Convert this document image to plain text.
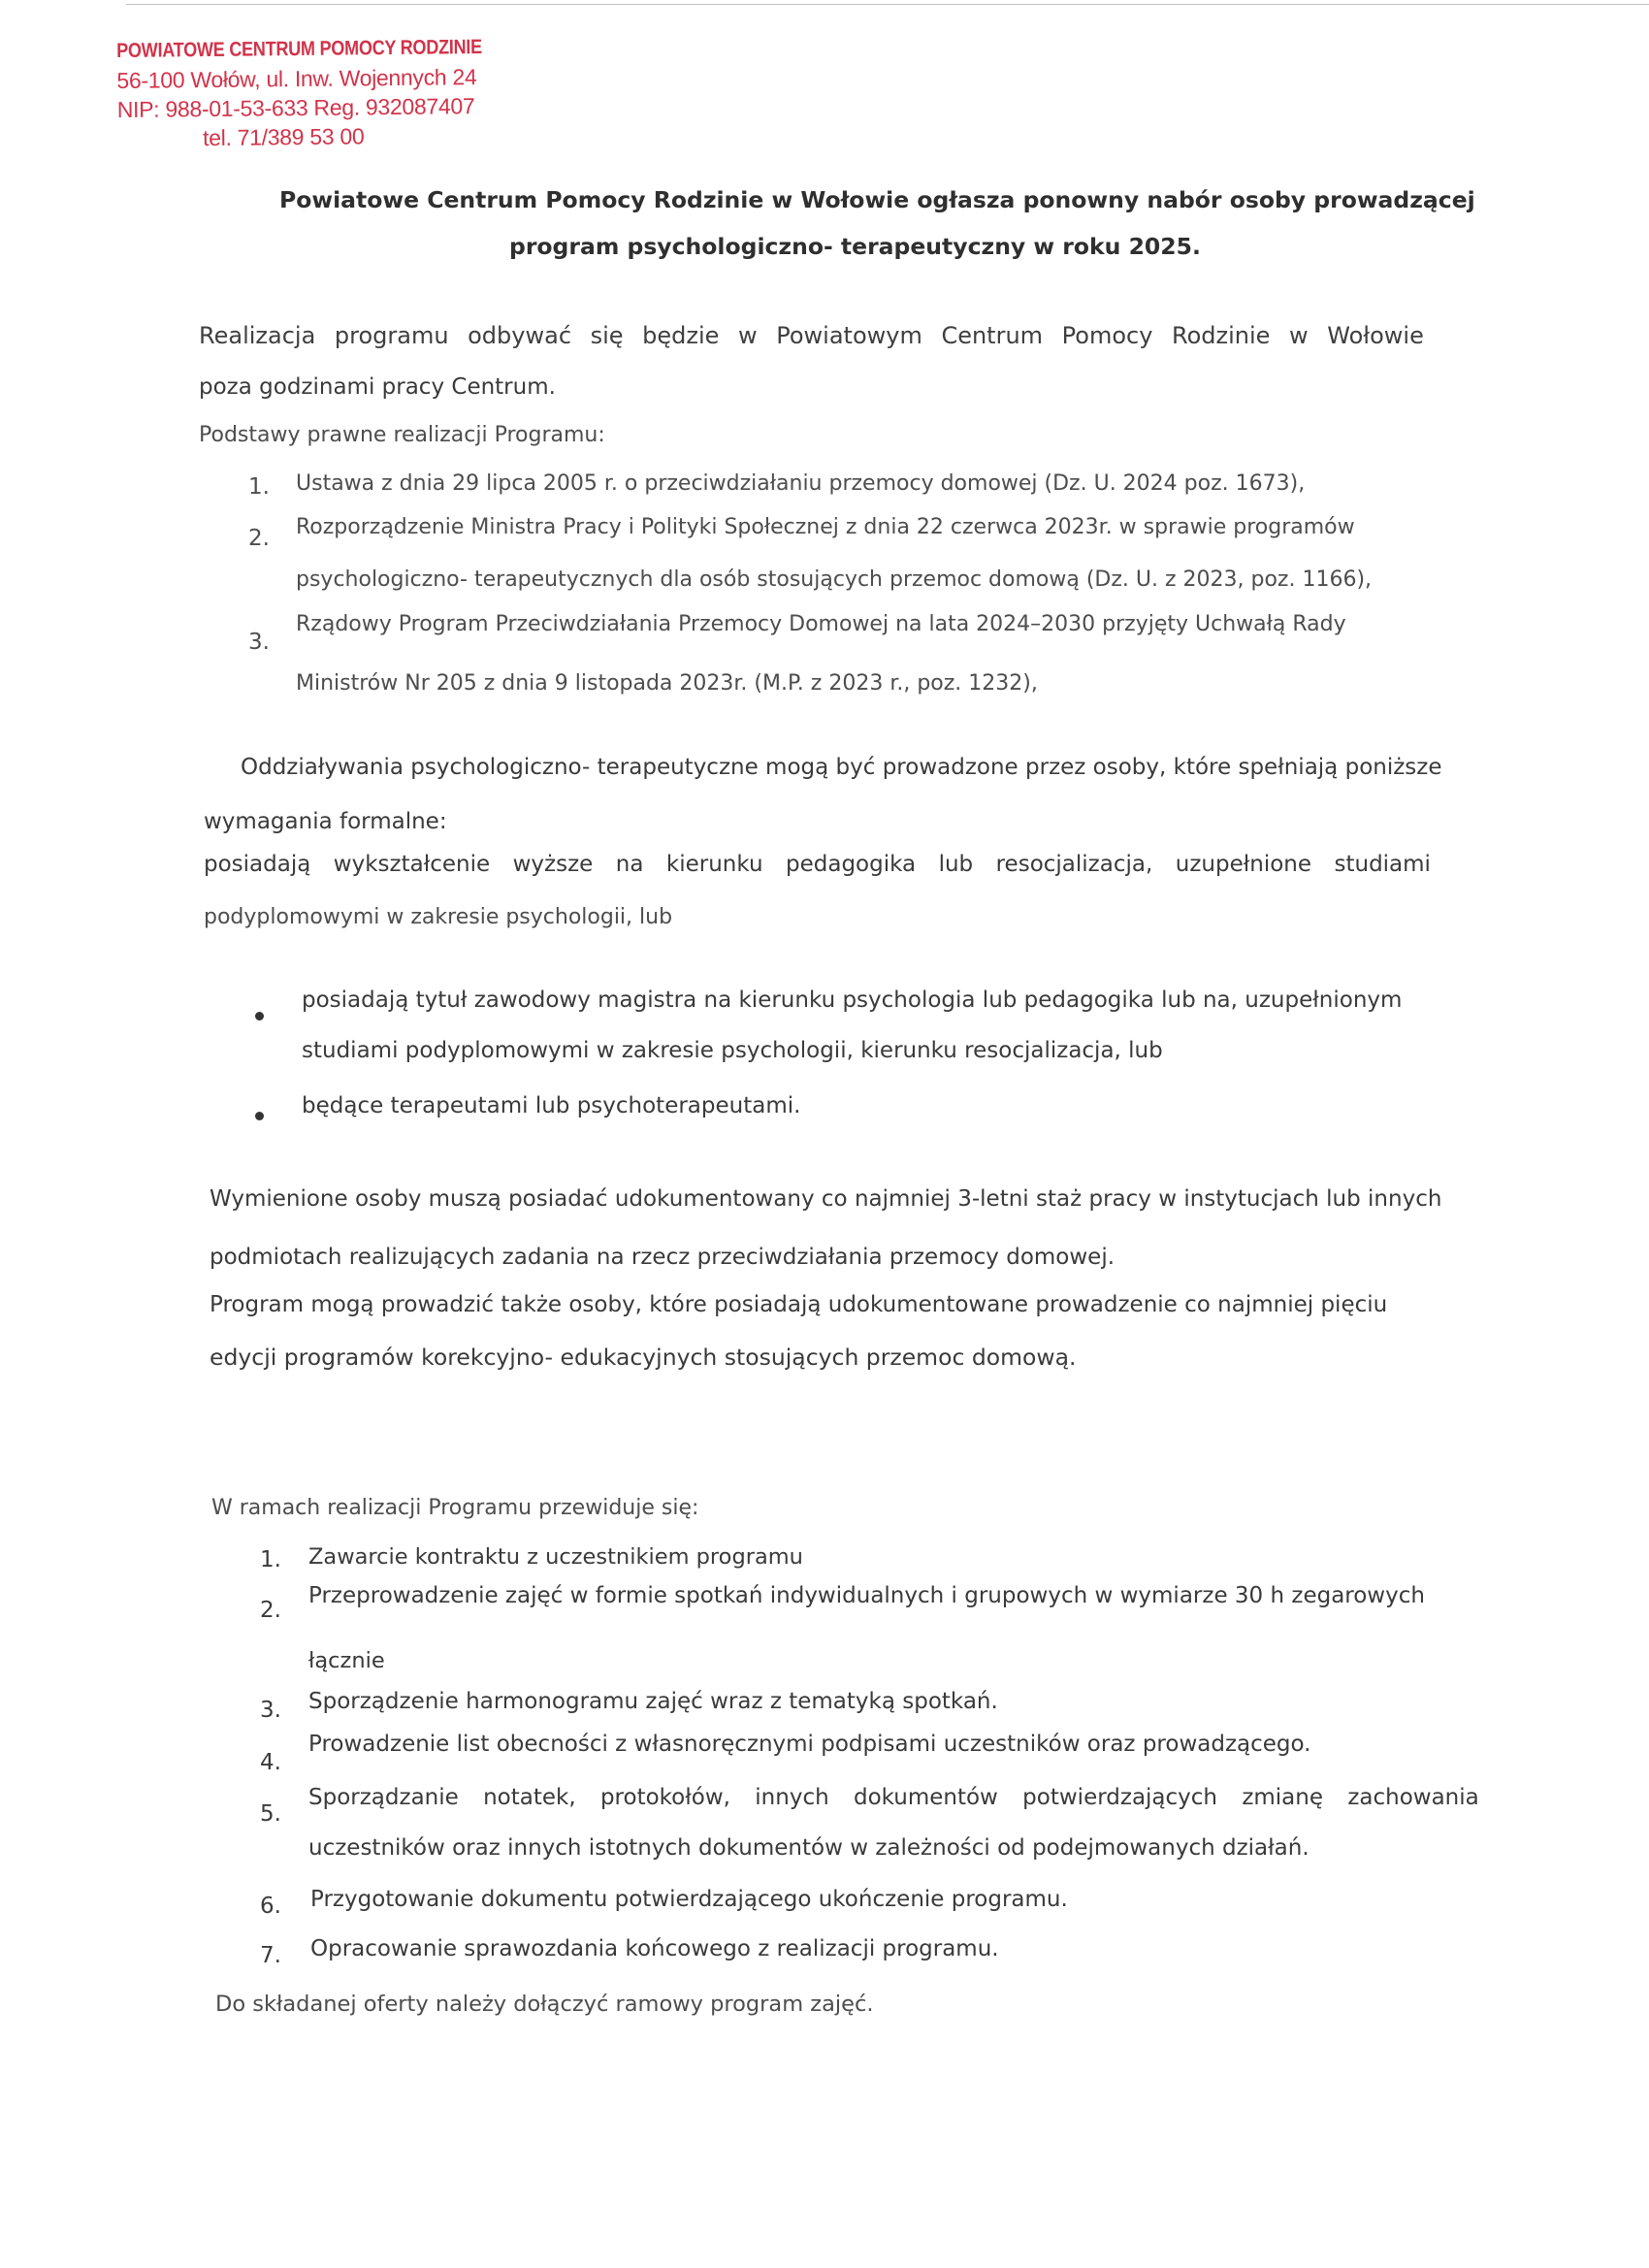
POWIATOWE CENTRUM POMOCY RODZINIE
56-100 Wołów, ul. Inw. Wojennych 24
NIP: 988-01-53-633 Reg. 932087407
tel. 71/389 53 00
Powiatowe Centrum Pomocy Rodzinie w Wołowie ogłasza ponowny nabór osoby prowadzącej
program psychologiczno- terapeutyczny w roku 2025.
Realizacja programu odbywać się będzie w Powiatowym Centrum Pomocy Rodzinie w Wołowie
poza godzinami pracy Centrum.
Podstawy prawne realizacji Programu:
1. Ustawa z dnia 29 lipca 2005 r. o przeciwdziałaniu przemocy domowej (Dz. U. 2024 poz. 1673),
2. Rozporządzenie Ministra Pracy i Polityki Społecznej z dnia 22 czerwca 2023r. w sprawie programów
psychologiczno- terapeutycznych dla osób stosujących przemoc domową (Dz. U. z 2023, poz. 1166),
3.
Rządowy Program Przeciwdziałania Przemocy Domowej na lata 2024–2030 przyjęty Uchwałą Rady
Ministrów Nr 205 z dnia 9 listopada 2023r. (M.P. z 2023 r., poz. 1232),
Oddziaływania psychologiczno- terapeutyczne mogą być prowadzone przez osoby, które spełniają poniższe
wymagania formalne:
posiadają wykształcenie wyższe na kierunku pedagogika lub resocjalizacja, uzupełnione studiami
podyplomowymi w zakresie psychologii, lub
posiadają tytuł zawodowy magistra na kierunku psychologia lub pedagogika lub na, uzupełnionym
studiami podyplomowymi w zakresie psychologii, kierunku resocjalizacja, lub
będące terapeutami lub psychoterapeutami.
Wymienione osoby muszą posiadać udokumentowany co najmniej 3-letni staż pracy w instytucjach lub innych
podmiotach realizujących zadania na rzecz przeciwdziałania przemocy domowej.
Program mogą prowadzić także osoby, które posiadają udokumentowane prowadzenie co najmniej pięciu
edycji programów korekcyjno- edukacyjnych stosujących przemoc domową.
W ramach realizacji Programu przewiduje się:
1. Zawarcie kontraktu z uczestnikiem programu
2.
Przeprowadzenie zajęć w formie spotkań indywidualnych i grupowych w wymiarze 30 h zegarowych
łącznie
3. Sporządzenie harmonogramu zajęć wraz z tematyką spotkań.
4.
Prowadzenie list obecności z własnoręcznymi podpisami uczestników oraz prowadzącego.
5.
Sporządzanie notatek, protokołów, innych dokumentów potwierdzających zmianę zachowania
uczestników oraz innych istotnych dokumentów w zależności od podejmowanych działań.
6. Przygotowanie dokumentu potwierdzającego ukończenie programu.
7. Opracowanie sprawozdania końcowego z realizacji programu.
Do składanej oferty należy dołączyć ramowy program zajęć.
